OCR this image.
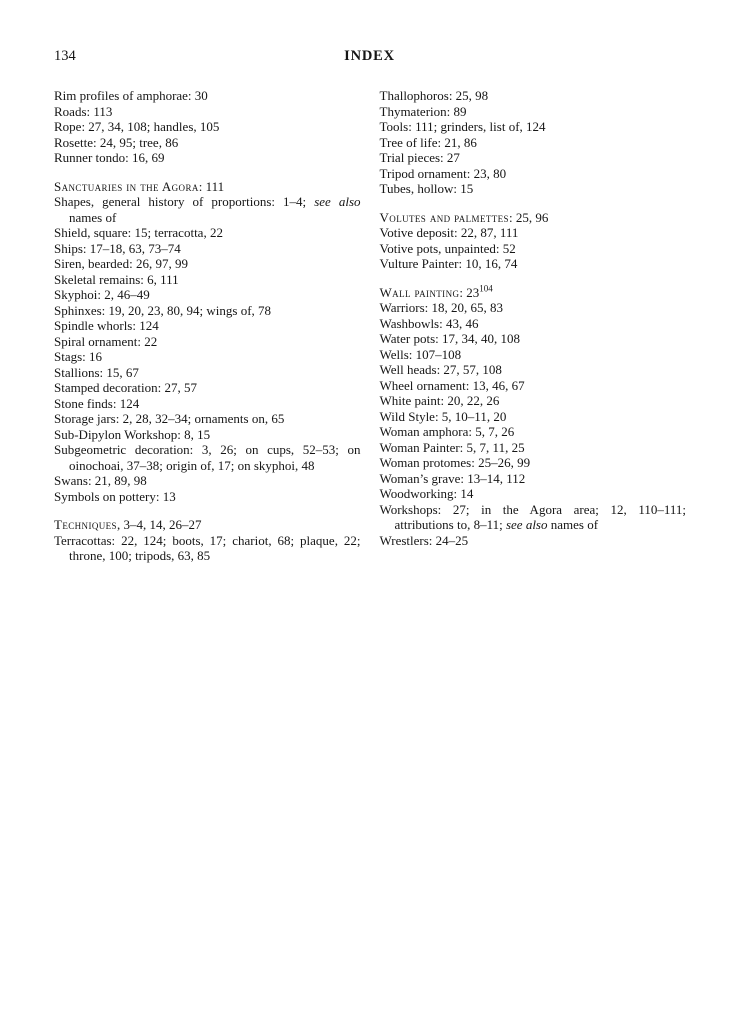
134	INDEX
Rim profiles of amphorae: 30
Roads: 113
Rope: 27, 34, 108; handles, 105
Rosette: 24, 95; tree, 86
Runner tondo: 16, 69
Sanctuaries in the Agora: 111
Shapes, general history of proportions: 1–4; see also names of
Shield, square: 15; terracotta, 22
Ships: 17–18, 63, 73–74
Siren, bearded: 26, 97, 99
Skeletal remains: 6, 111
Skyphoi: 2, 46–49
Sphinxes: 19, 20, 23, 80, 94; wings of, 78
Spindle whorls: 124
Spiral ornament: 22
Stags: 16
Stallions: 15, 67
Stamped decoration: 27, 57
Stone finds: 124
Storage jars: 2, 28, 32–34; ornaments on, 65
Sub-Dipylon Workshop: 8, 15
Subgeometric decoration: 3, 26; on cups, 52–53; on oinochoai, 37–38; origin of, 17; on skyphoi, 48
Swans: 21, 89, 98
Symbols on pottery: 13
Techniques, 3–4, 14, 26–27
Terracottas: 22, 124; boots, 17; chariot, 68; plaque, 22; throne, 100; tripods, 63, 85
Thallophoros: 25, 98
Thymaterion: 89
Tools: 111; grinders, list of, 124
Tree of life: 21, 86
Trial pieces: 27
Tripod ornament: 23, 80
Tubes, hollow: 15
Volutes and palmettes: 25, 96
Votive deposit: 22, 87, 111
Votive pots, unpainted: 52
Vulture Painter: 10, 16, 74
Wall painting: $23^{104}$
Warriors: 18, 20, 65, 83
Washbowls: 43, 46
Water pots: 17, 34, 40, 108
Wells: 107–108
Well heads: 27, 57, 108
Wheel ornament: 13, 46, 67
White paint: 20, 22, 26
Wild Style: 5, 10–11, 20
Woman amphora: 5, 7, 26
Woman Painter: 5, 7, 11, 25
Woman protomes: 25–26, 99
Woman’s grave: 13–14, 112
Woodworking: 14
Workshops: 27; in the Agora area; 12, 110–111; attributions to, 8–11; see also names of
Wrestlers: 24–25
